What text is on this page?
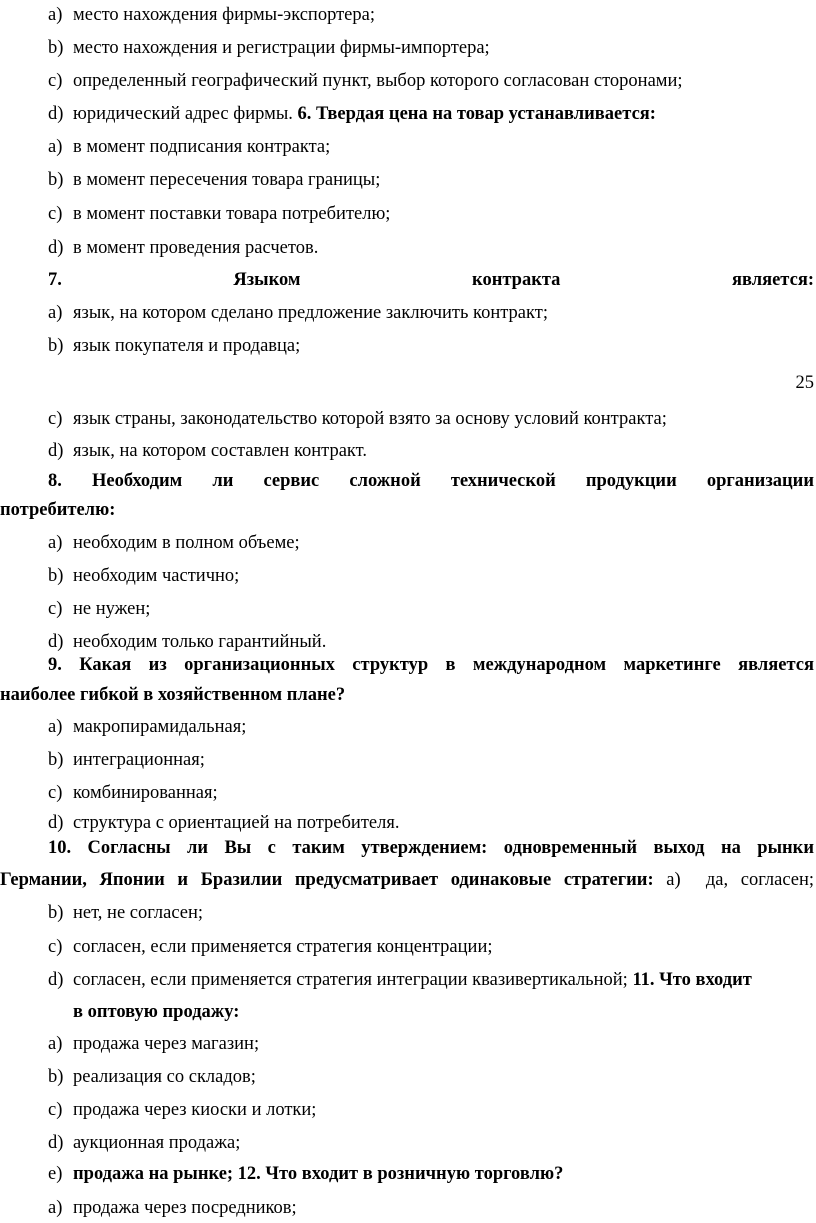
a) место нахождения фирмы-экспортера;
b) место нахождения и регистрации фирмы-импортера;
c) определенный географический пункт, выбор которого согласован сторонами;
d) юридический адрес фирмы. 6. Твердая цена на товар устанавливается:
a) в момент подписания контракта;
b) в момент пересечения товара границы;
c) в момент поставки товара потребителю;
d) в момент проведения расчетов.
7. Языком контракта является:
a) язык, на котором сделано предложение заключить контракт;
b) язык покупателя и продавца;
c) язык страны, законодательство которой взято за основу условий контракта;
d) язык, на котором составлен контракт.
8. Необходим ли сервис сложной технической продукции организации
потребителю:
a) необходим в полном объеме;
b) необходим частично;
c) не нужен;
d) необходим только гарантийный.
9. Какая из организационных структур в международном маркетинге является
наиболее гибкой в хозяйственном плане?
a) макропирамидальная;
b) интеграционная;
c) комбинированная;
d) структура с ориентацией на потребителя.
10. Согласны ли Вы с таким утверждением: одновременный выход на рынки
Германии, Японии и Бразилии предусматривает одинаковые стратегии: а) да, согласен;
b) нет, не согласен;
c) согласен, если применяется стратегия концентрации;
d) согласен, если применяется стратегия интеграции квазивертикальной; 11. Что входит
в оптовую продажу:
a) продажа через магазин;
b) реализация со складов;
c) продажа через киоски и лотки;
d) аукционная продажа;
e) продажа на рынке; 12. Что входит в розничную торговлю?
a) продажа через посредников;
25
